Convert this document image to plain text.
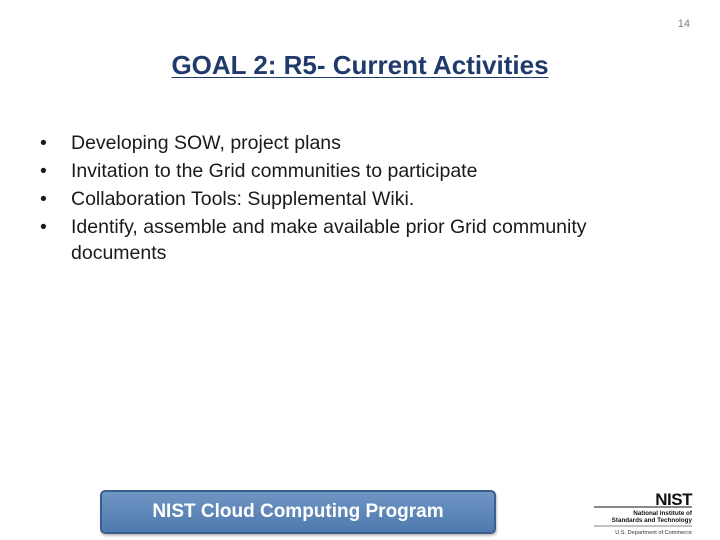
14
GOAL 2: R5- Current Activities
• Developing SOW, project plans
• Invitation to the Grid communities to participate
• Collaboration Tools: Supplemental Wiki.
• Identify, assemble and make available prior Grid community documents
NIST Cloud Computing Program
NIST
National Institute of
Standards and Technology
U.S. Department of Commerce
